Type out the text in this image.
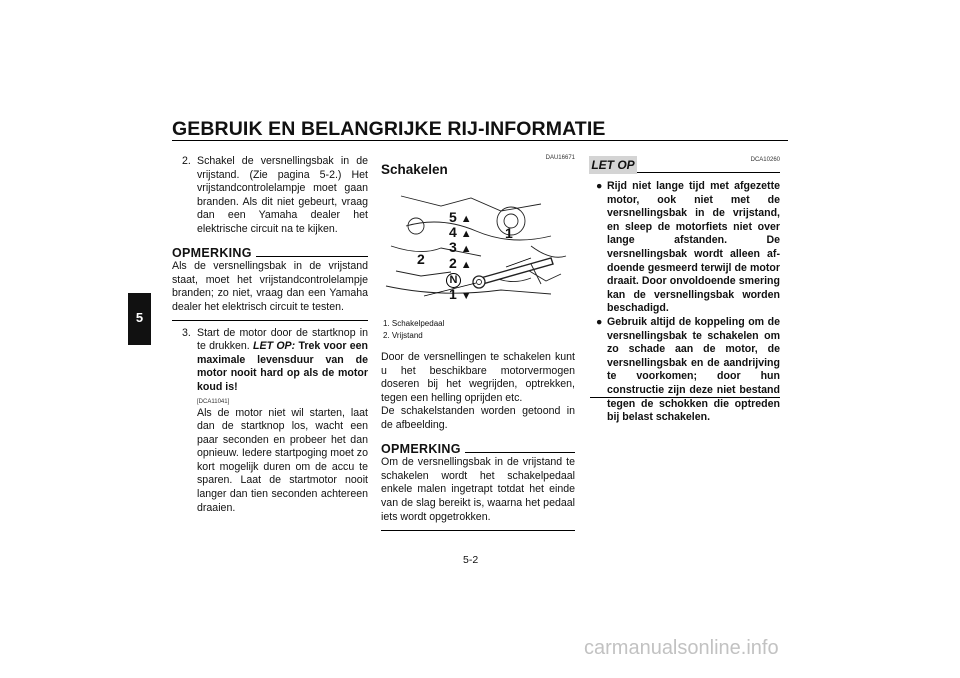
GEBRUIK EN BELANGRIJKE RIJ-INFORMATIE
5
2. Schakel de versnellingsbak in de vrijstand. (Zie pagina 5-2.) Het vrijstandcontrolelampje moet gaan branden. Als dit niet gebeurt, vraag dan een Yamaha dealer het elektrische circuit na te kijken.
OPMERKING
Als de versnellingsbak in de vrijstand staat, moet het vrijstandcontrolelampje branden; zo niet, vraag dan een Yamaha dealer het elektrisch circuit te testen.
3. Start de motor door de startknop in te drukken. LET OP: Trek voor een maximale levensduur van de motor nooit hard op als de motor koud is!
[DCA11041]
Als de motor niet wil starten, laat dan de startknop los, wacht een paar seconden en probeer het dan opnieuw. Iedere startpoging moet zo kort mogelijk duren om de accu te sparen. Laat de startmotor nooit langer dan tien seconden achtereen draaien.
DAU16671
Schakelen
5 ▲
4 ▲
3 ▲
2 ▲
N
1 ▼
1
2
1. Schakelpedaal
2. Vrijstand
Door de versnellingen te schakelen kunt u het beschikbare motorvermogen doseren bij het wegrijden, optrekken, tegen een helling oprijden etc.
De schakelstanden worden getoond in de afbeelding.
OPMERKING
Om de versnellingsbak in de vrijstand te schakelen wordt het schakelpedaal enkele malen ingetrapt totdat het einde van de slag bereikt is, waarna het pedaal iets wordt opgetrokken.
LET OP	DCA10260
● Rijd niet lange tijd met afgezette motor, ook niet met de versnellingsbak in de vrijstand, en sleep de motorfiets niet over lange afstanden. De versnellingsbak wordt alleen afdoende gesmeerd terwijl de motor draait. Door onvoldoende smering kan de versnellingsbak worden beschadigd.
● Gebruik altijd de koppeling om de versnellingsbak te schakelen om zo schade aan de motor, de versnellingsbak en de aandrijving te voorkomen; door hun constructie zijn deze niet bestand tegen de schokken die optreden bij belast schakelen.
5-2
carmanualsonline.info
